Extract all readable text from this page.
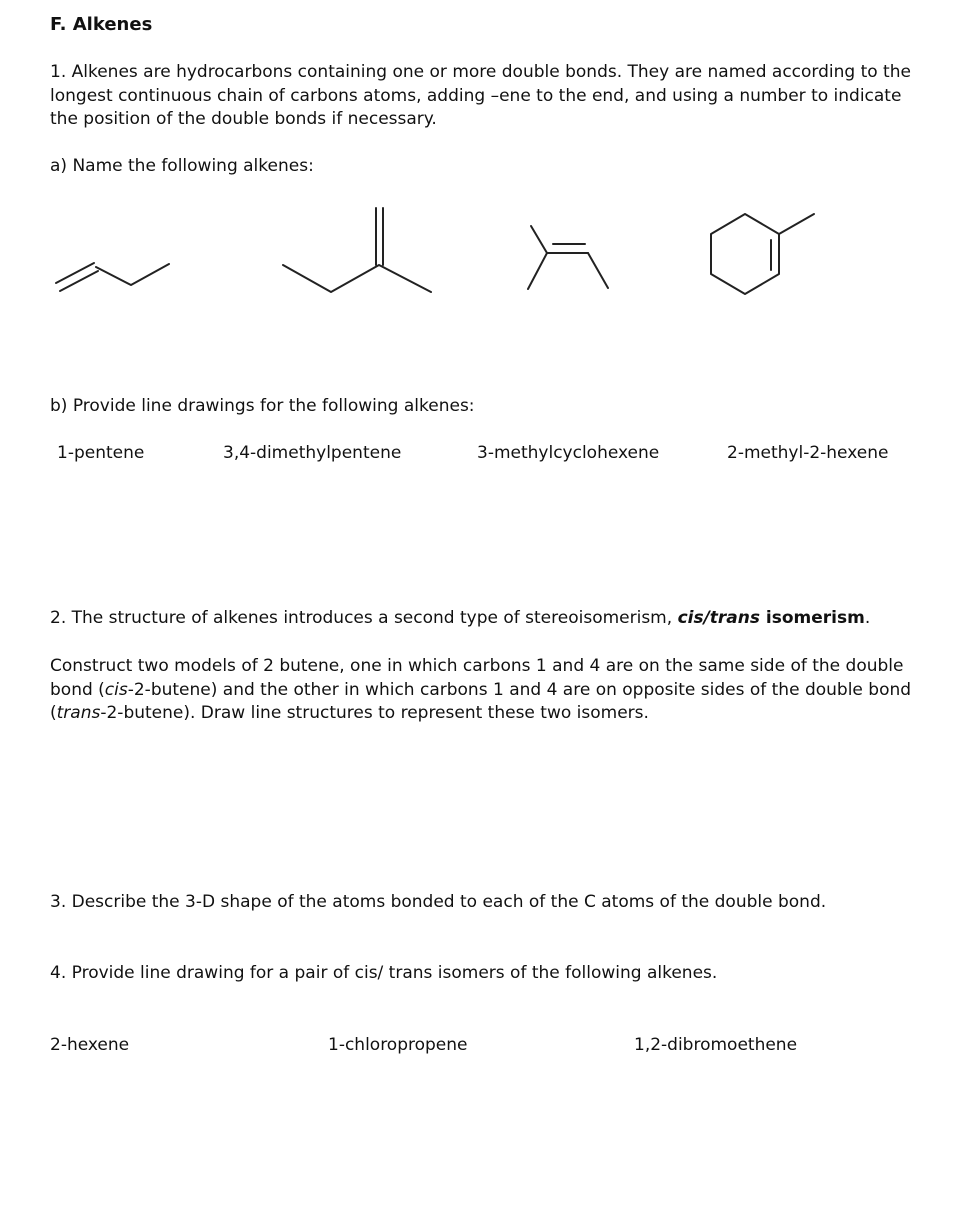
F. Alkenes
1. Alkenes are hydrocarbons containing one or more double bonds. They are named according to the longest continuous chain of carbons atoms, adding –ene to the end, and using a number to indicate the position of the double bonds if necessary.
a) Name the following alkenes:
b) Provide line drawings for the following alkenes:
1-pentene	3,4-dimethylpentene	3-methylcyclohexene	2-methyl-2-hexene
2. The structure of alkenes introduces a second type of stereoisomerism, cis/trans isomerism.
Construct two models of 2 butene, one in which carbons 1 and 4 are on the same side of the double bond (cis-2-butene) and the other in which carbons 1 and 4 are on opposite sides of the double bond (trans-2-butene). Draw line structures to represent these two isomers.
3. Describe the 3-D shape of the atoms bonded to each of the C atoms of the double bond.
4. Provide line drawing for a pair of cis/ trans isomers of the following alkenes.
2-hexene	1-chloropropene	1,2-dibromoethene
